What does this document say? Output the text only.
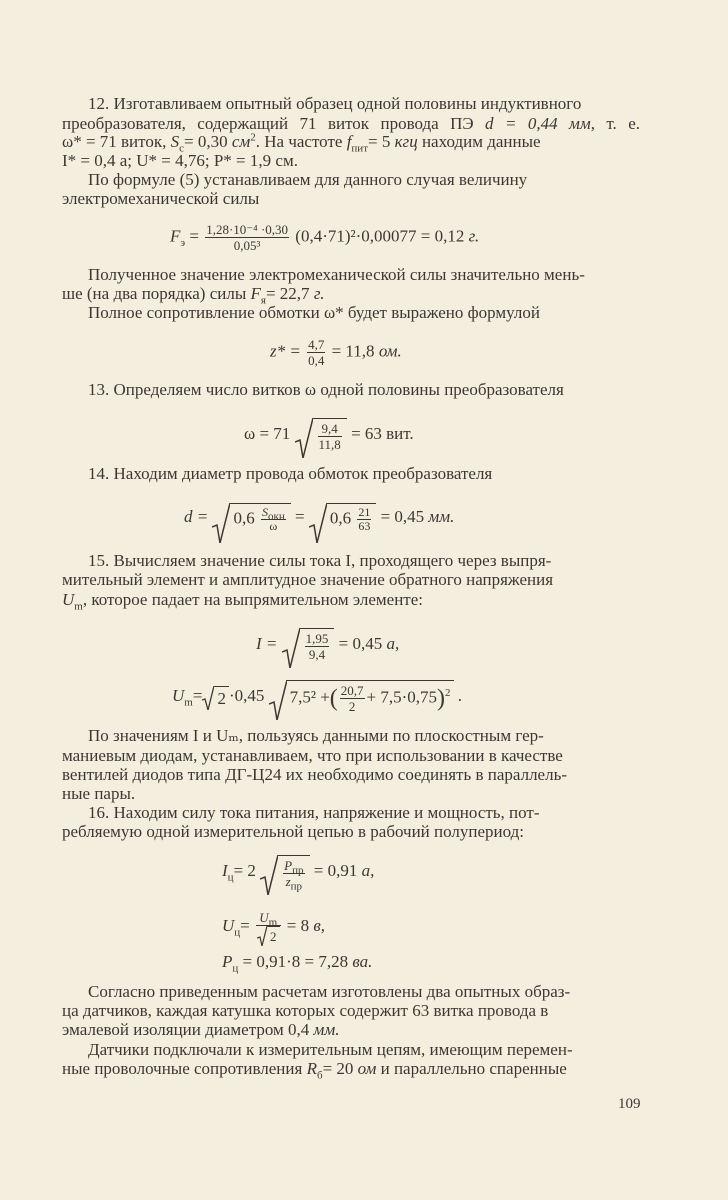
12. Изготавливаем опытный образец одной половины индуктивного
преобразователя, содержащий 71 виток провода ПЭ d = 0,44 мм, т. е.
ω* = 71 виток, $S_c= 0,30$ $см^2$. На частоте $f_{пит}= 5$ кгц находим данные
I* = 0,4 а; U* = 4,76; P* = 1,9 см.
По формуле (5) устанавливаем для данного случая величину
электромеханической силы
$F_э = \frac{\text{1,28·10⁻⁴ ·0,30}}{\text{0,05³}} (0,4\cdot 71)^2\cdot 0,00077 = 0,12$ г.
Полученное значение электромеханической силы значительно мень-
ше (на два порядка) силы $F_я= 22,7$ г.
Полное сопротивление обмотки ω* будет выражено формулой
$z* = \frac{4,7}{0,4} = 11,8$ ом.
13. Определяем число витков ω одной половины преобразователя
$\omega = 71 \frac{9,4}{11,8} = 63$ вит.
14. Находим диаметр провода обмоток преобразователя
$d = 0,6 \frac{S_{окн}}{\omega} = 0,6 \frac{21}{63} = 0,45$ мм.
15. Вычисляем значение силы тока I, проходящего через выпря-
мительный элемент и амплитудное значение обратного напряжения
$U_m$, которое падает на выпрямительном элементе:
$I = \frac{1,95}{9,4} = 0,45$ а,
$U_m= 2 \cdot 0,45$ 7,5² +( $\frac{20,7}{2} + 7,5\cdot 0,75)^2$ .
По значениям I и Uₘ, пользуясь данными по плоскостным гер-
маниевым диодам, устанавливаем, что при использовании в качестве
вентилей диодов типа ДГ-Ц24 их необходимо соединять в параллель-
ные пары.
16. Находим силу тока питания, напряжение и мощность, пот-
ребляемую одной измерительной цепью в рабочий полупериод:
$I_ц= 2 \frac{P_{пр}}{z_{пр}} = 0,91$ а,
$U_ц= \frac{U_m}{2} = 8$ в,
$P_ц = 0,91\cdot 8 = 7,28$ ва.
Согласно приведенным расчетам изготовлены два опытных образ-
ца датчиков, каждая катушка которых содержит 63 витка провода в
эмалевой изоляции диаметром 0,4 мм.
Датчики подключали к измерительным цепям, имеющим перемен-
ные проволочные сопротивления $R_б= 20$ ом и параллельно спаренные
109
